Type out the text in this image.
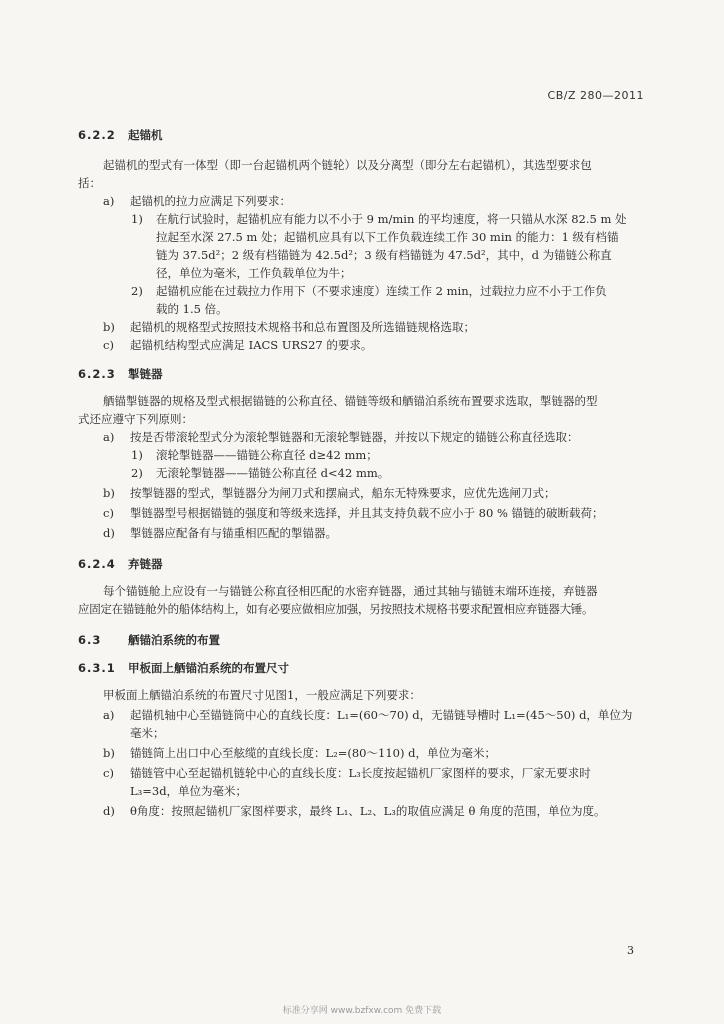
CB/Z 280—2011
6.2.2 起锚机
起锚机的型式有一体型（即一台起锚机两个链轮）以及分离型（即分左右起锚机），其选型要求包
括：
a) 起锚机的拉力应满足下列要求：
1) 在航行试验时，起锚机应有能力以不小于 9 m/min 的平均速度，将一只锚从水深 82.5 m 处
拉起至水深 27.5 m 处；起锚机应具有以下工作负载连续工作 30 min 的能力：1 级有档锚
链为 37.5d²；2 级有档锚链为 42.5d²；3 级有档锚链为 47.5d²，其中，d 为锚链公称直
径，单位为毫米，工作负载单位为牛；
2) 起锚机应能在过载拉力作用下（不要求速度）连续工作 2 min，过载拉力应不小于工作负
载的 1.5 倍。
b) 起锚机的规格型式按照技术规格书和总布置图及所选锚链规格选取；
c) 起锚机结构型式应满足 IACS URS27 的要求。
6.2.3 掣链器
舾锚掣链器的规格及型式根据锚链的公称直径、锚链等级和舾锚泊系统布置要求选取，掣链器的型
式还应遵守下列原则：
a) 按是否带滚轮型式分为滚轮掣链器和无滚轮掣链器，并按以下规定的锚链公称直径选取：
1) 滚轮掣链器——锚链公称直径 d≥42 mm；
2) 无滚轮掣链器——锚链公称直径 d<42 mm。
b) 按掣链器的型式，掣链器分为闸刀式和摆扁式，船东无特殊要求，应优先选闸刀式；
c) 掣链器型号根据锚链的强度和等级来选择，并且其支持负载不应小于 80 % 锚链的破断载荷；
d) 掣链器应配备有与锚重相匹配的掣锚器。
6.2.4 弃链器
每个锚链舱上应设有一与锚链公称直径相匹配的水密弃链器，通过其轴与锚链末端环连接，弃链器
应固定在锚链舱外的船体结构上，如有必要应做相应加强，另按照技术规格书要求配置相应弃链器大锤。
6.3 舾锚泊系统的布置
6.3.1 甲板面上舾锚泊系统的布置尺寸
甲板面上舾锚泊系统的布置尺寸见图1，一般应满足下列要求：
a) 起锚机轴中心至锚链筒中心的直线长度：L₁=(60～70) d，无锚链导槽时 L₁=(45～50) d，单位为
毫米；
b) 锚链筒上出口中心至舷缆的直线长度：L₂=(80～110) d，单位为毫米；
c) 锚链管中心至起锚机链轮中心的直线长度：L₃长度按起锚机厂家图样的要求，厂家无要求时
L₃=3d，单位为毫米；
d) θ角度：按照起锚机厂家图样要求，最终 L₁、L₂、L₃的取值应满足 θ 角度的范围，单位为度。
3
标准分享网 www.bzfxw.com 免费下载
